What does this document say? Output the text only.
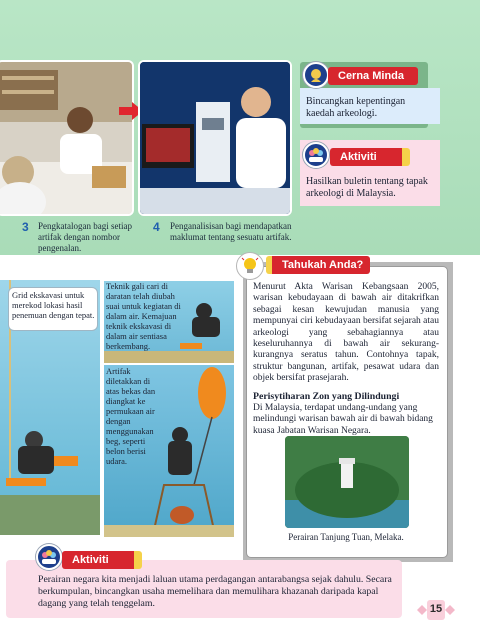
3 Pengkatalogan bagi setiap artifak dengan nombor pengenalan.
4 Penganalisisan bagi mendapatkan maklumat tentang sesuatu artifak.
Cerna Minda
Bincangkan kepentingan kaedah arkeologi.
Aktiviti
Hasilkan buletin tentang tapak arkeologi di Malaysia.
Grid ekskavasi untuk merekod lokasi hasil penemuan dengan tepat.
Teknik gali cari di daratan telah diubah suai untuk kegiatan di dalam air. Kemajuan teknik ekskavasi di dalam air sentiasa berkembang.
Artifak diletakkan di atas bekas dan diangkat ke permukaan air dengan menggunakan beg, seperti belon berisi udara.
Tahukah Anda?
Menurut Akta Warisan Kebangsaan 2005, warisan kebudayaan di bawah air ditakrifkan sebagai kesan kewujudan manusia yang mempunyai ciri kebudayaan bersifat sejarah atau arkeologi yang sebahagiannya atau keseluruhannya di bawah air sekurang-kurangnya seratus tahun. Contohnya tapak, struktur bangunan, artifak, pesawat udara dan objek bersifat prasejarah.
Perisytiharan Zon yang Dilindungi
Di Malaysia, terdapat undang-undang yang melindungi warisan bawah air di bawah bidang kuasa Jabatan Warisan Negara.
Perairan Tanjung Tuan, Melaka.
Aktiviti
Perairan negara kita menjadi laluan utama perdagangan antarabangsa sejak dahulu. Secara berkumpulan, bincangkan usaha memelihara dan memulihara khazanah daripada kapal dagang yang telah tenggelam.	15
